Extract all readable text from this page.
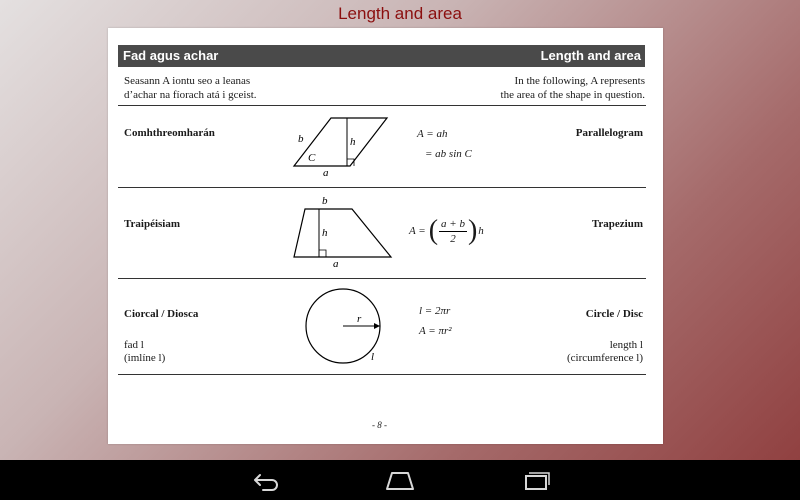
Length and area
Fad agus achar	Length and area
Seasann A iontu seo a leanas
d’achar na fíorach atá i gceist.
In the following, A represents
the area of the shape in question.
Comhthreomharán	Parallelogram
b	h
C
a
A = ah
= ab sin C
Traipéisiam	Trapezium
b
h
a
A = ( $\frac{a + b}{2}$ ) h
Ciorcal / Diosca	Circle / Disc
fad l
(imlíne l)
length l
(circumference l)
r
l
l = 2πr
A = πr²
- 8 -
